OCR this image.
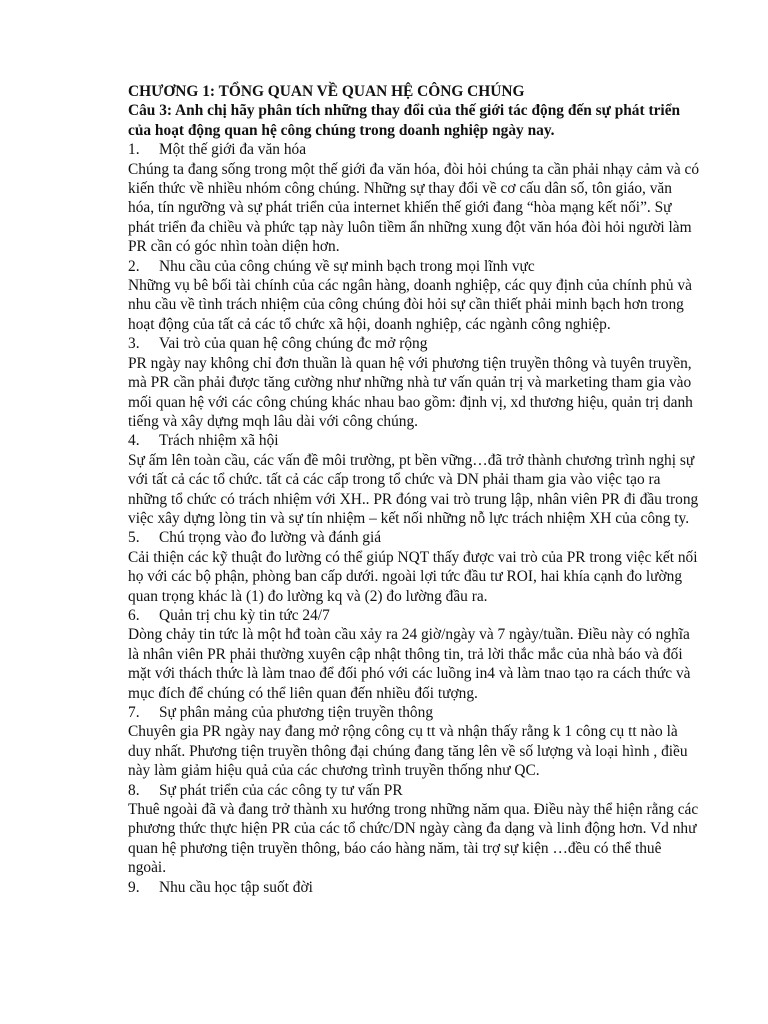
CHƯƠNG 1: TỔNG QUAN VỀ QUAN HỆ CÔNG CHÚNG

Câu 3: Anh chị hãy phân tích những thay đổi của thế giới tác động đến sự phát triển của hoạt động quan hệ công chúng trong doanh nghiệp ngày nay.

1.	Một thế giới đa văn hóa

Chúng ta đang sống trong một thế giới đa văn hóa, đòi hỏi chúng ta cần phải nhạy cảm và có kiến thức về nhiều nhóm công chúng. Những sự thay đổi về cơ cấu dân số, tôn giáo, văn hóa, tín ngưỡng và sự phát triển của internet khiến thế giới đang “hòa mạng kết nối”. Sự phát triển đa chiều và phức tạp này luôn tiềm ẩn những xung đột văn hóa đòi hỏi người làm PR cần có góc nhìn toàn diện hơn.

2.	Nhu cầu của công chúng về sự minh bạch trong mọi lĩnh vực

Những vụ bê bối tài chính của các ngân hàng, doanh nghiệp, các quy định của chính phủ và nhu cầu về tình trách nhiệm của công chúng đòi hỏi sự cần thiết phải minh bạch hơn trong hoạt động của tất cả các tổ chức xã hội, doanh nghiệp, các ngành công nghiệp.

3.	Vai trò của quan hệ công chúng đc mở rộng

PR ngày nay không chỉ đơn thuần là quan hệ với phương tiện truyền thông và tuyên truyền, mà PR cần phải được tăng cường như những nhà tư vấn quản trị và marketing tham gia vào mối quan hệ với các công chúng khác nhau bao gồm: định vị, xd thương hiệu, quản trị danh tiếng và xây dựng mqh lâu dài với công chúng.

4.	Trách nhiệm xã hội

Sự ấm lên toàn cầu, các vấn đề môi trường, pt bền vững…đã trở thành chương trình nghị sự với tất cả các tổ chức. tất cả các cấp trong tổ chức và DN phải tham gia vào việc tạo ra những tổ chức có trách nhiệm với XH.. PR đóng vai trò trung lập, nhân viên PR đi đầu trong việc xây dựng lòng tin và sự tín nhiệm – kết nối những nỗ lực trách nhiệm XH của công ty.

5.	Chú trọng vào đo lường và đánh giá

Cải thiện các kỹ thuật đo lường có thể giúp NQT thấy được vai trò của PR trong việc kết nối họ với các bộ phận, phòng ban cấp dưới. ngoài lợi tức đầu tư ROI, hai khía cạnh đo lường quan trọng khác là (1) đo lường kq và (2) đo lường đầu ra.

6.	Quản trị chu kỳ tin tức 24/7

Dòng chảy tin tức là một hđ toàn cầu xảy ra 24 giờ/ngày và 7 ngày/tuần. Điều này có nghĩa là nhân viên PR phải thường xuyên cập nhật thông tin, trả lời thắc mắc của nhà báo và đối mặt với thách thức là làm tnao để đối phó với các luồng in4 và làm tnao tạo ra cách thức và mục đích để chúng có thể liên quan đến nhiều đối tượng.

7.	Sự phân mảng của phương tiện truyền thông

Chuyên gia PR ngày nay đang mở rộng công cụ tt và nhận thấy rằng k 1 công cụ tt nào là duy nhất. Phương tiện truyền thông đại chúng đang tăng lên về số lượng và loại hình , điều này làm giảm hiệu quả của các chương trình truyền thống như QC.

8.	Sự phát triển của các công ty tư vấn PR

Thuê ngoài đã và đang trở thành xu hướng trong những năm qua. Điều này thể hiện rằng các phương thức thực hiện PR của các tổ chức/DN ngày càng đa dạng và linh động hơn. Vd như quan hệ phương tiện truyền thông, báo cáo hàng năm, tài trợ sự kiện …đều có thể thuê ngoài.

9.	Nhu cầu học tập suốt đời
